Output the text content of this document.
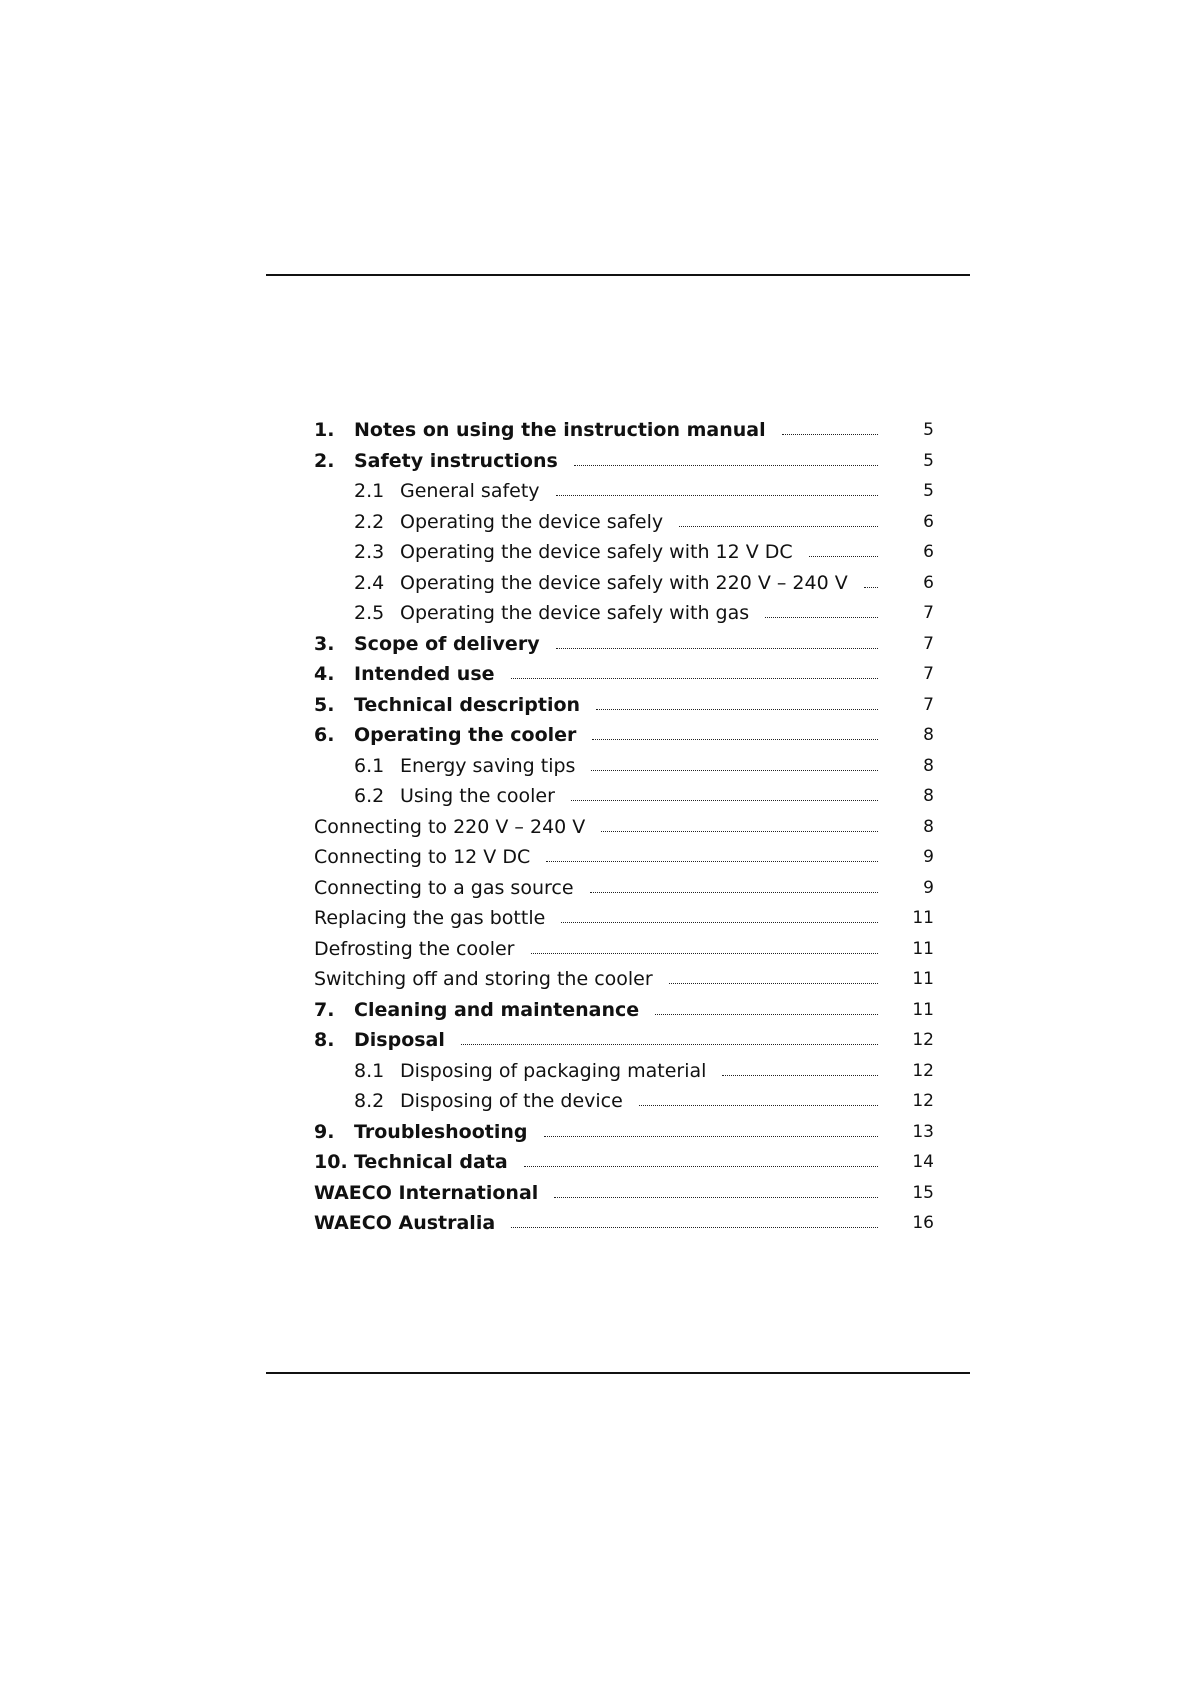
1. Notes on using the instruction manual	5
2. Safety instructions	5
2.1 General safety	5
2.2 Operating the device safely	6
2.3 Operating the device safely with 12 V DC	6
2.4 Operating the device safely with 220 V – 240 V	6
2.5 Operating the device safely with gas	7
3. Scope of delivery	7
4. Intended use	7
5. Technical description	7
6. Operating the cooler	8
6.1 Energy saving tips	8
6.2 Using the cooler	8
Connecting to 220 V – 240 V	8
Connecting to 12 V DC	9
Connecting to a gas source	9
Replacing the gas bottle	11
Defrosting the cooler	11
Switching off and storing the cooler	11
7. Cleaning and maintenance	11
8. Disposal	12
8.1 Disposing of packaging material	12
8.2 Disposing of the device	12
9. Troubleshooting	13
10. Technical data	14
WAECO International	15
WAECO Australia	16
